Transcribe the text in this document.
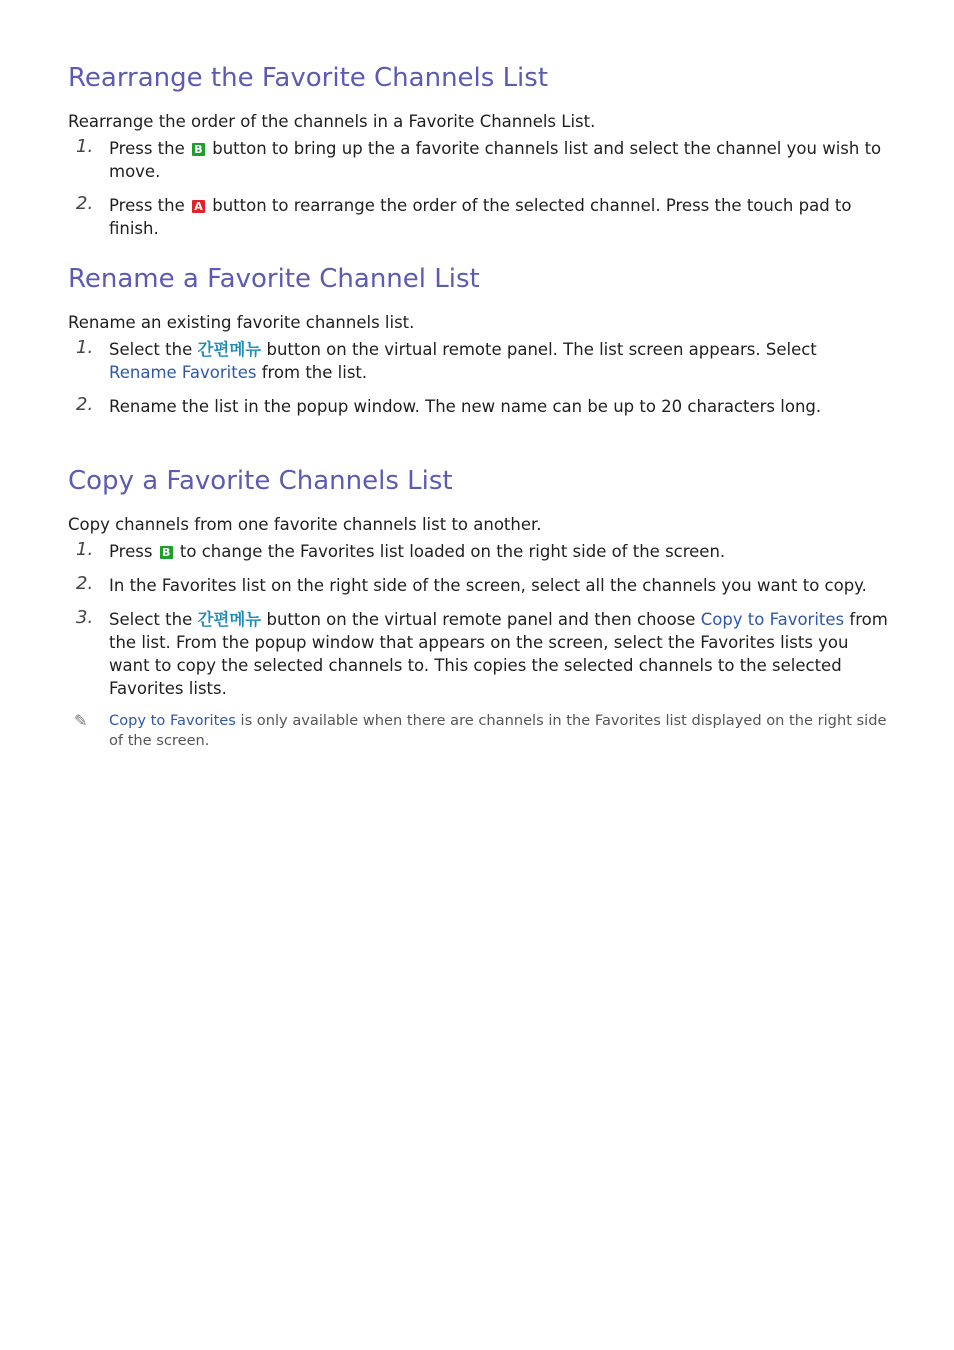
Rearrange the Favorite Channels List

Rearrange the order of the channels in a Favorite Channels List.

1. Press the B button to bring up the a favorite channels list and select the channel you wish to move.
2. Press the A button to rearrange the order of the selected channel. Press the touch pad to finish.
Rename a Favorite Channel List

Rename an existing favorite channels list.

1. Select the 간편메뉴 button on the virtual remote panel. The list screen appears. Select Rename Favorites from the list.
2. Rename the list in the popup window. The new name can be up to 20 characters long.
Copy a Favorite Channels List

Copy channels from one favorite channels list to another.

1. Press B to change the Favorites list loaded on the right side of the screen.
2. In the Favorites list on the right side of the screen, select all the channels you want to copy.
3. Select the 간편메뉴 button on the virtual remote panel and then choose Copy to Favorites from the list. From the popup window that appears on the screen, select the Favorites lists you want to copy the selected channels to. This copies the selected channels to the selected Favorites lists.
✎ Copy to Favorites is only available when there are channels in the Favorites list displayed on the right side of the screen.
